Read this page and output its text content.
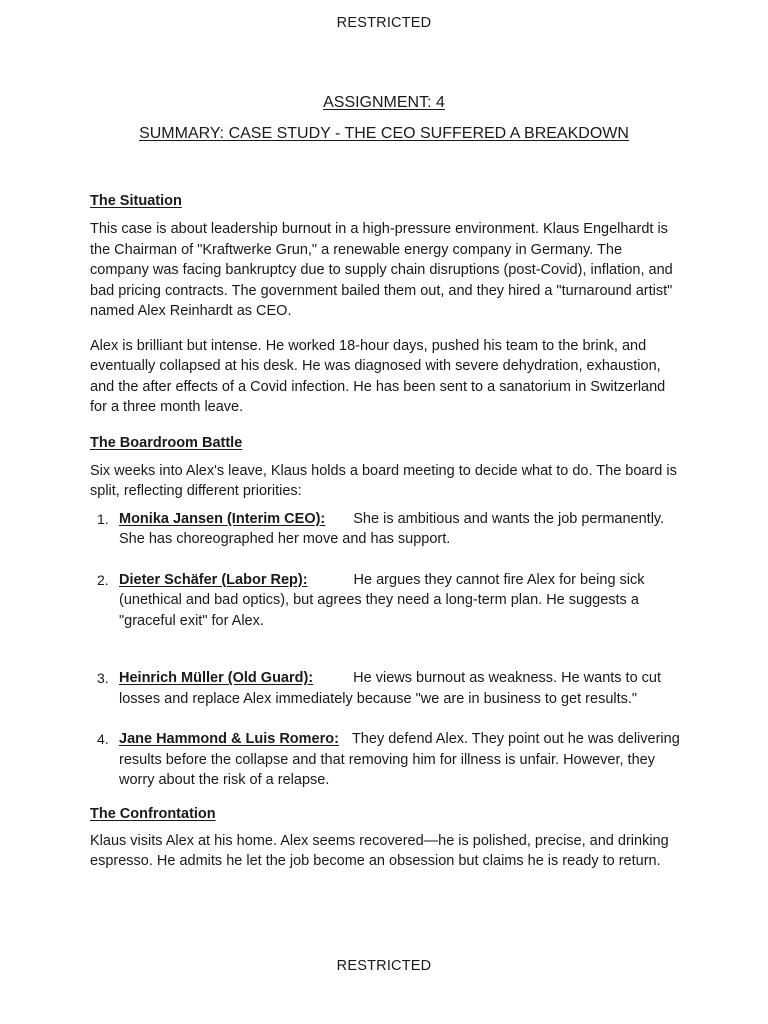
RESTRICTED
ASSIGNMENT: 4
SUMMARY: CASE STUDY - THE CEO SUFFERED A BREAKDOWN
The Situation

This case is about leadership burnout in a high-pressure environment. Klaus Engelhardt is the Chairman of "Kraftwerke Grun," a renewable energy company in Germany. The company was facing bankruptcy due to supply chain disruptions (post-Covid), inflation, and bad pricing contracts. The government bailed them out, and they hired a "turnaround artist" named Alex Reinhardt as CEO.

Alex is brilliant but intense. He worked 18-hour days, pushed his team to the brink, and eventually collapsed at his desk. He was diagnosed with severe dehydration, exhaustion, and the after effects of a Covid infection. He has been sent to a sanatorium in Switzerland for a three month leave.

The Boardroom Battle

Six weeks into Alex's leave, Klaus holds a board meeting to decide what to do. The board is split, reflecting different priorities:

1. Monika Jansen (Interim CEO): She is ambitious and wants the job permanently. She has choreographed her move and has support.
2. Dieter Schäfer (Labor Rep):	He argues they cannot fire Alex for being sick (unethical and bad optics), but agrees they need a long-term plan. He suggests a "graceful exit" for Alex.
3. Heinrich Müller (Old Guard):	He views burnout as weakness. He wants to cut losses and replace Alex immediately because "we are in business to get results."
4. Jane Hammond & Luis Romero: They defend Alex. They point out he was delivering results before the collapse and that removing him for illness is unfair. However, they worry about the risk of a relapse.
The Confrontation

Klaus visits Alex at his home. Alex seems recovered—he is polished, precise, and drinking espresso. He admits he let the job become an obsession but claims he is ready to return.

RESTRICTED
